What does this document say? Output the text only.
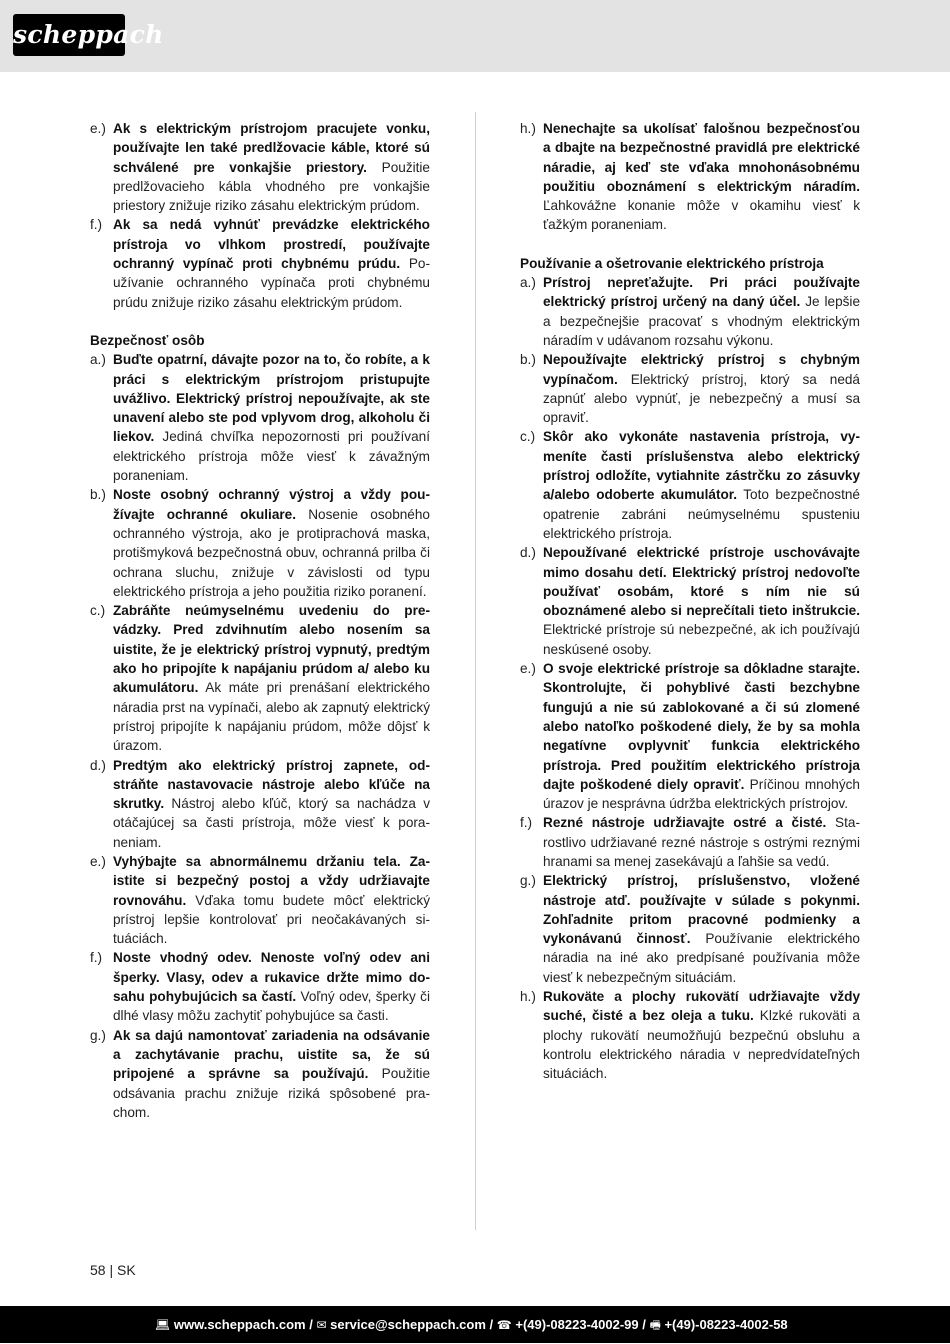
scheppach
e.) Ak s elektrickým prístrojom pracujete vonku, používajte len také predlžovacie káble, ktoré sú schválené pre vonkajšie priestory. Použitie predlžovacieho kábla vhodného pre vonkajšie priestory znižuje riziko zásahu elektrickým prúdom.
f.) Ak sa nedá vyhnúť prevádzke elektrického prístroja vo vlhkom prostredí, používajte ochranný vypínač proti chybnému prúdu. Používanie ochranného vypínača proti chybnému prúdu znižuje riziko zásahu elektrickým prúdom.
Bezpečnosť osôb
a.) Buďte opatrní, dávajte pozor na to, čo robíte, a k práci s elektrickým prístrojom pristupujte uvážlivo. Elektrický prístroj nepoužívajte, ak ste unavení alebo ste pod vplyvom drog, alkoholu či liekov. Jediná chvíľka nepozornosti pri používaní elektrického prístroja môže viesť k závažným poraneniam.
b.) Noste osobný ochranný výstroj a vždy používajte ochranné okuliare. Nosenie osobného ochranného výstroja, ako je protiprachová maska, protišmyková bezpečnostná obuv, ochranná prilba či ochrana sluchu, znižuje v závislosti od typu elektrického prístroja a jeho použitia riziko poranení.
c.) Zabráňte neúmyselnému uvedeniu do prevádzky. Pred zdvihnutím alebo nosením sa uistite, že je elektrický prístroj vypnutý, predtým ako ho pripojíte k napájaniu prúdom a/ alebo ku akumulátoru. Ak máte pri prenášaní elektrického náradia prst na vypínači, alebo ak zapnutý elektrický prístroj pripojíte k napájaniu prúdom, môže dôjsť k úrazom.
d.) Predtým ako elektrický prístroj zapnete, odstráňte nastavovacie nástroje alebo kľúče na skrutky. Nástroj alebo kľúč, ktorý sa nachádza v otáčajúcej sa časti prístroja, môže viesť k poraneniam.
e.) Vyhýbajte sa abnormálnemu držaniu tela. Zaistite si bezpečný postoj a vždy udržiavajte rovnováhu. Vďaka tomu budete môcť elektrický prístroj lepšie kontrolovať pri neočakávaných situáciách.
f.) Noste vhodný odev. Nenoste voľný odev ani šperky. Vlasy, odev a rukavice držte mimo dosahu pohybujúcich sa častí. Voľný odev, šperky či dlhé vlasy môžu zachytiť pohybujúce sa časti.
g.) Ak sa dajú namontovať zariadenia na odsávanie a zachytávanie prachu, uistite sa, že sú pripojené a správne sa používajú. Použitie odsávania prachu znižuje riziká spôsobené prachom.
h.) Nenechajte sa ukolísať falošnou bezpečnosťou a dbajte na bezpečnostné pravidlá pre elektrické náradie, aj keď ste vďaka mnohonásobnému použitiu oboznámení s elektrickým náradím. Ľahkovážne konanie môže v okamihu viesť k ťažkým poraneniam.
Používanie a ošetrovanie elektrického prístroja
a.) Prístroj nepreťažujte. Pri práci používajte elektrický prístroj určený na daný účel. Je lepšie a bezpečnejšie pracovať s vhodným elektrickým náradím v udávanom rozsahu výkonu.
b.) Nepoužívajte elektrický prístroj s chybným vypínačom. Elektrický prístroj, ktorý sa nedá zapnúť alebo vypnúť, je nebezpečný a musí sa opraviť.
c.) Skôr ako vykonáte nastavenia prístroja, vymeníte časti príslušenstva alebo elektrický prístroj odložíte, vytiahnite zástrčku zo zásuvky a/alebo odoberte akumulátor. Toto bezpečnostné opatrenie zabráni neúmyselnému spusteniu elektrického prístroja.
d.) Nepoužívané elektrické prístroje uschovávajte mimo dosahu detí. Elektrický prístroj nedovoľte používať osobám, ktoré s ním nie sú oboznámené alebo si neprečítali tieto inštrukcie. Elektrické prístroje sú nebezpečné, ak ich používajú neskúsené osoby.
e.) O svoje elektrické prístroje sa dôkladne starajte. Skontrolujte, či pohyblivé časti bezchybne fungujú a nie sú zablokované a či sú zlomené alebo natoľko poškodené diely, že by sa mohla negatívne ovplyvniť funkcia elektrického prístroja. Pred použitím elektrického prístroja dajte poškodené diely opraviť. Príčinou mnohých úrazov je nesprávna údržba elektrických prístrojov.
f.) Rezné nástroje udržiavajte ostré a čisté. Starostlivo udržiavané rezné nástroje s ostrými reznými hranami sa menej zasekávajú a ľahšie sa vedú.
g.) Elektrický prístroj, príslušenstvo, vložené nástroje atď. používajte v súlade s pokynmi. Zohľadnite pritom pracovné podmienky a vykonávanú činnosť. Používanie elektrického náradia na iné ako predpísané používania môže viesť k nebezpečným situáciám.
h.) Rukoväte a plochy rukovätí udržiavajte vždy suché, čisté a bez oleja a tuku. Klzké rukoväti a plochy rukovätí neumožňujú bezpečnú obsluhu a kontrolu elektrického náradia v nepredvídateľných situáciách.
58 | SK
💻︎ www.scheppach.com / ✉︎ service@scheppach.com / ☎︎ +(49)-08223-4002-99 / 🖷︎ +(49)-08223-4002-58
